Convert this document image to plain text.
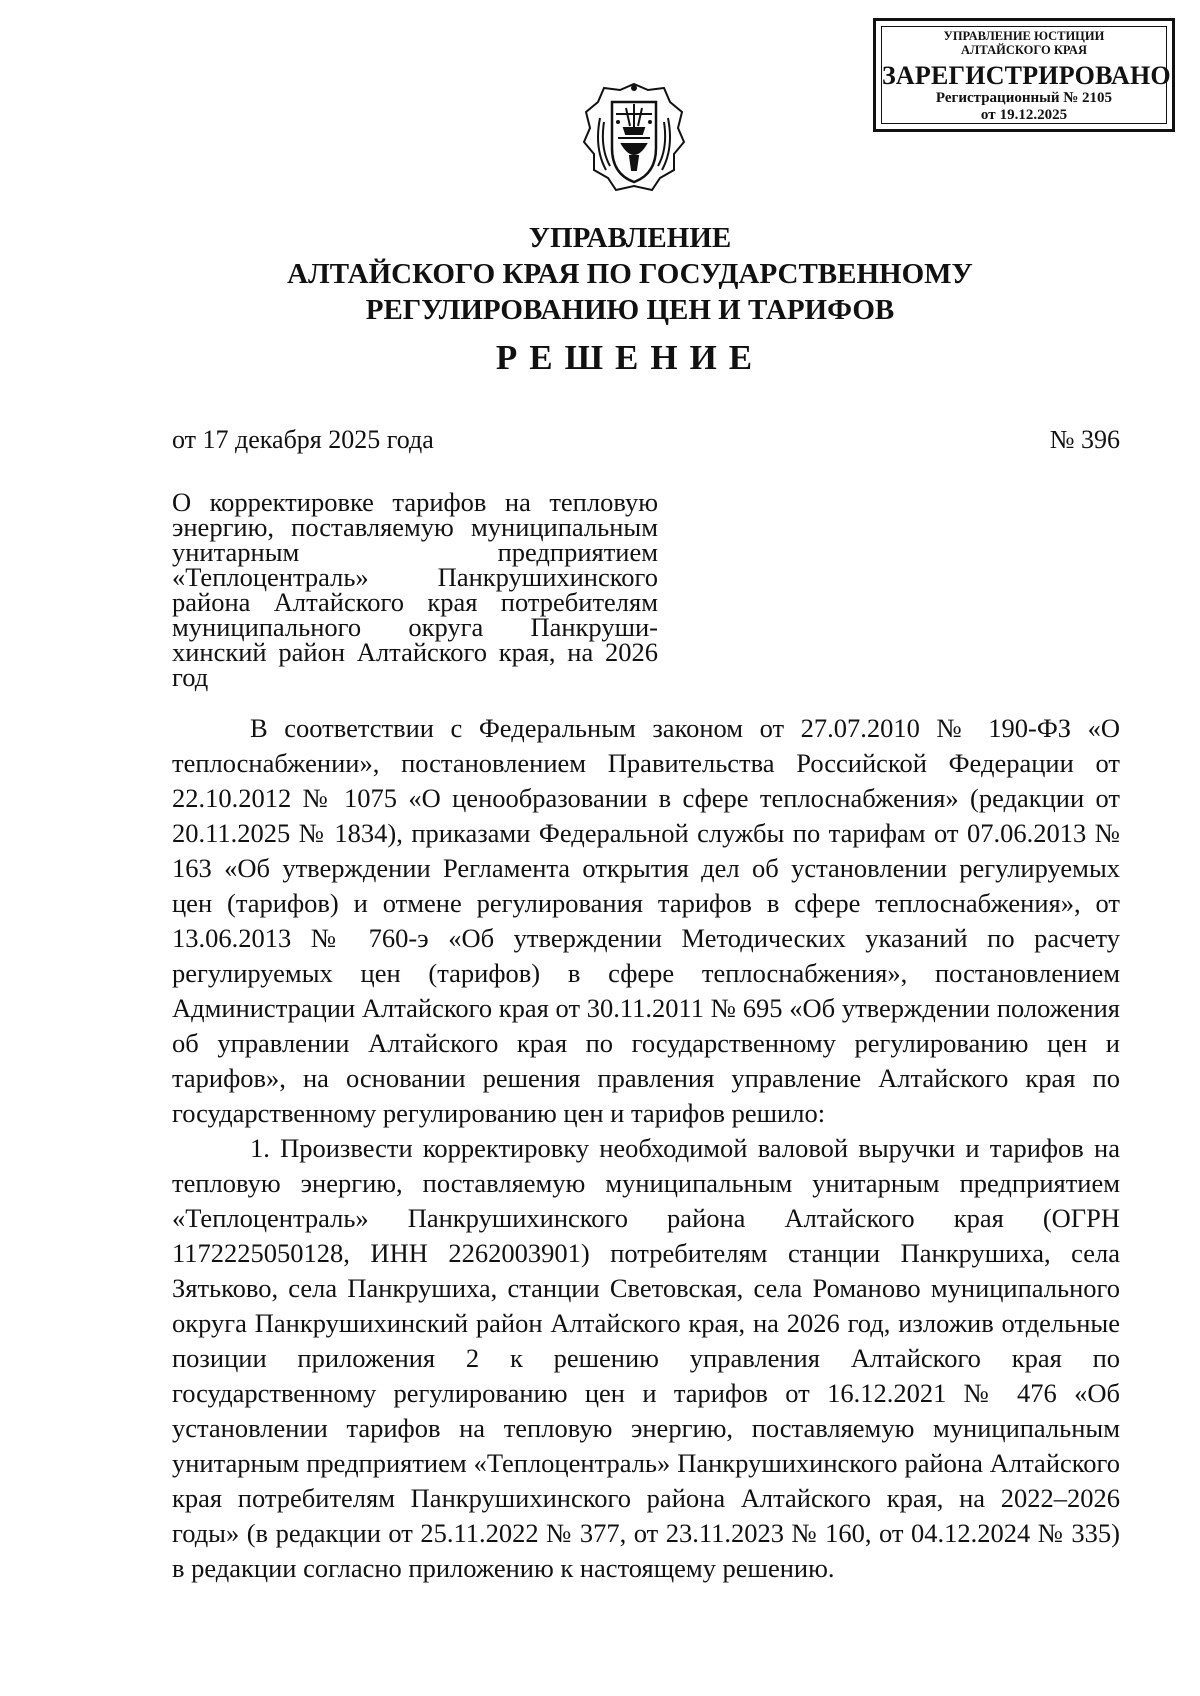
УПРАВЛЕНИЕ ЮСТИЦИИ
АЛТАЙСКОГО КРАЯ
ЗАРЕГИСТРИРОВАНО
Регистрационный № 2105
от 19.12.2025
УПРАВЛЕНИЕ
АЛТАЙСКОГО КРАЯ ПО ГОСУДАРСТВЕННОМУ
РЕГУЛИРОВАНИЮ ЦЕН И ТАРИФОВ
РЕШЕНИЕ
от 17 декабря 2025 года	№ 396
О корректировке тарифов на тепловую энергию, поставляемую муниципальным унитарным предприятием «Теплоцентраль» Панкрушихинского района Алтайского края потребителям муниципального округа Панкрушихинский район Алтайского края, на 2026 год

В соответствии с Федеральным законом от 27.07.2010 № 190-ФЗ «О теплоснабжении», постановлением Правительства Российской Федерации от 22.10.2012 № 1075 «О ценообразовании в сфере теплоснабжения» (редакции от 20.11.2025 № 1834), приказами Федеральной службы по тарифам от 07.06.2013 № 163 «Об утверждении Регламента открытия дел об установлении регулируемых цен (тарифов) и отмене регулирования тарифов в сфере теплоснабжения», от 13.06.2013 № 760-э «Об утверждении Методических указаний по расчету регулируемых цен (тарифов) в сфере теплоснабжения», постановлением Администрации Алтайского края от 30.11.2011 № 695 «Об утверждении положения об управлении Алтайского края по государственному регулированию цен и тарифов», на основании решения правления управление Алтайского края по государственному регулированию цен и тарифов решило:

1. Произвести корректировку необходимой валовой выручки и тарифов на тепловую энергию, поставляемую муниципальным унитарным предприятием «Теплоцентраль» Панкрушихинского района Алтайского края (ОГРН 1172225050128, ИНН 2262003901) потребителям станции Панкрушиха, села Зятьково, села Панкрушиха, станции Световская, села Романово муниципального округа Панкрушихинский район Алтайского края, на 2026 год, изложив отдельные позиции приложения 2 к решению управления Алтайского края по государственному регулированию цен и тарифов от 16.12.2021 № 476 «Об установлении тарифов на тепловую энергию, поставляемую муниципальным унитарным предприятием «Теплоцентраль» Панкрушихинского района Алтайского края потребителям Панкрушихинского района Алтайского края, на 2022–2026 годы» (в редакции от 25.11.2022 № 377, от 23.11.2023 № 160, от 04.12.2024 № 335) в редакции согласно приложению к настоящему решению.
